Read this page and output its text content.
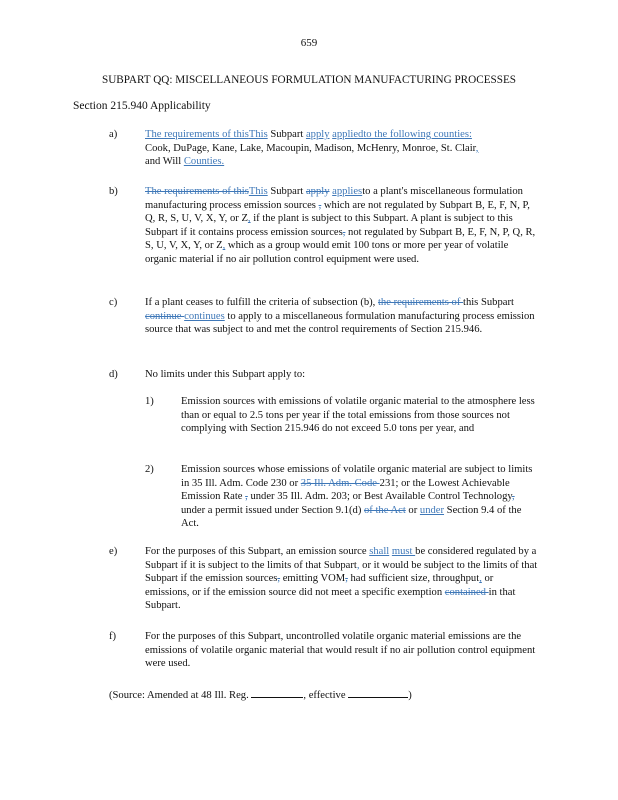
659
SUBPART QQ: MISCELLANEOUS FORMULATION MANUFACTURING PROCESSES
Section 215.940 Applicability
a)	The requirements of thisThis Subpart apply appliedto the following counties:
Cook, DuPage, Kane, Lake, Macoupin, Madison, McHenry, Monroe, St. Clair,
and Will Counties.
b)	The requirements of thisThis Subpart apply appliesto a plant's miscellaneous formulation manufacturing process emission sources , which are not regulated by Subpart B, E, F, N, P, Q, R, S, U, V, X, Y, or Z, if the plant is subject to this Subpart. A plant is subject to this Subpart if it contains process emission sources, not regulated by Subpart B, E, F, N, P, Q, R, S, U, V, X, Y, or Z, which as a group would emit 100 tons or more per year of volatile organic material if no air pollution control equipment were used.
c)	If a plant ceases to fulfill the criteria of subsection (b), the requirements of this Subpart continue continues to apply to a miscellaneous formulation manufacturing process emission source that was subject to and met the control requirements of Section 215.946.
d)	No limits under this Subpart apply to:
1)	Emission sources with emissions of volatile organic material to the atmosphere less than or equal to 2.5 tons per year if the total emissions from those sources not complying with Section 215.946 do not exceed 5.0 tons per year, and
2)	Emission sources whose emissions of volatile organic material are subject to limits in 35 Ill. Adm. Code 230 or 35 Ill. Adm. Code 231; or the Lowest Achievable Emission Rate , under 35 Ill. Adm. 203; or Best Available Control Technology, under a permit issued under Section 9.1(d) of the Act or under Section 9.4 of the Act.
e)	For the purposes of this Subpart, an emission source shall must be considered regulated by a Subpart if it is subject to the limits of that Subpart, or it would be subject to the limits of that Subpart if the emission sources, emitting VOM, had sufficient size, throughput, or emissions, or if the emission source did not meet a specific exemption contained in that Subpart.
f)	For the purposes of this Subpart, uncontrolled volatile organic material emissions are the emissions of volatile organic material that would result if no air pollution control equipment were used.
(Source: Amended at 48 Ill. Reg.	, effective	)
